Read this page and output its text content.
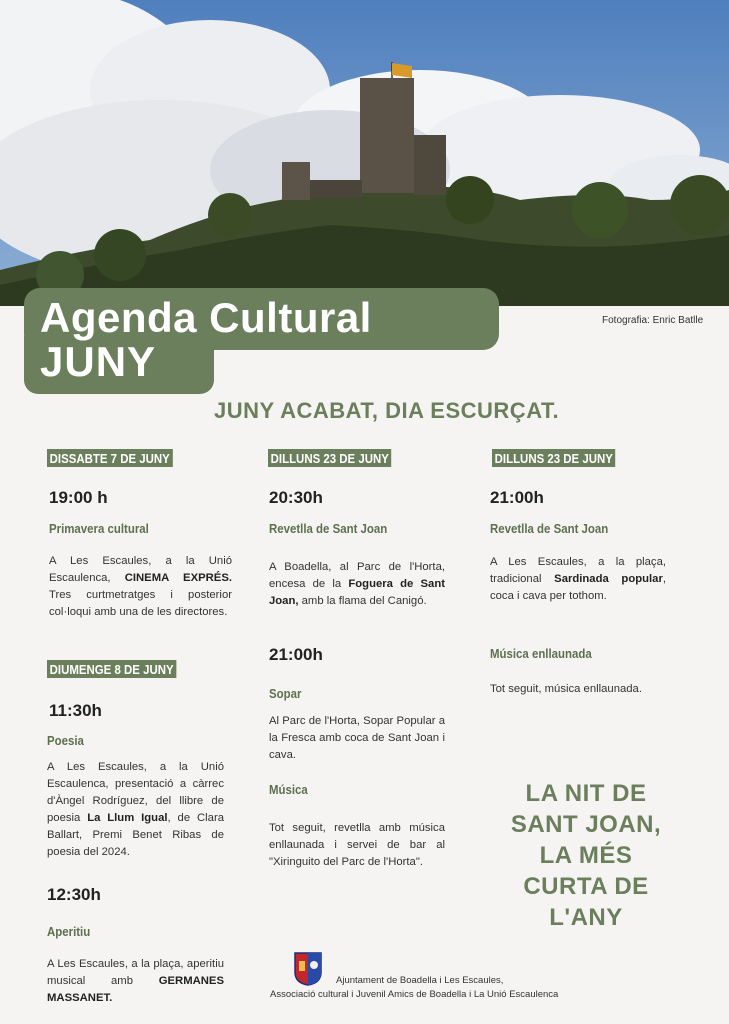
Agenda Cultural
JUNY
Fotografia: Enric Batlle
JUNY ACABAT, DIA ESCURÇAT.
DISSABTE 7 DE JUNY
19:00 h
Primavera cultural
A Les Escaules, a la Unió Escaulenca, CINEMA EXPRÉS. Tres curtmetratges i posterior col·loqui amb una de les directores.
DIUMENGE 8 DE JUNY
11:30h
Poesia
A Les Escaules, a la Unió Escaulenca, presentació a càrrec d'Àngel Rodríguez, del llibre de poesia La Llum Igual, de Clara Ballart, Premi Benet Ribas de poesia del 2024.
12:30h
Aperitiu
A Les Escaules, a la plaça, aperitiu musical amb GERMANES MASSANET.
DILLUNS 23 DE JUNY
20:30h
Revetlla de Sant Joan
A Boadella, al Parc de l'Horta, encesa de la Foguera de Sant Joan, amb la flama del Canigó.
21:00h
Sopar
Al Parc de l'Horta, Sopar Popular a la Fresca amb coca de Sant Joan i cava.
Música
Tot seguit, revetlla amb música enllaunada i servei de bar al "Xiringuito del Parc de l'Horta".
DILLUNS 23 DE JUNY
21:00h
Revetlla de Sant Joan
A Les Escaules, a la plaça, tradicional Sardinada popular, coca i cava per tothom.
Música enllaunada
Tot seguit, música enllaunada.
LA NIT DE
SANT JOAN,
LA MÉS
CURTA DE
L'ANY
Ajuntament de Boadella i Les Escaules,
Associació cultural i Juvenil Amics de Boadella i La Unió Escaulenca
